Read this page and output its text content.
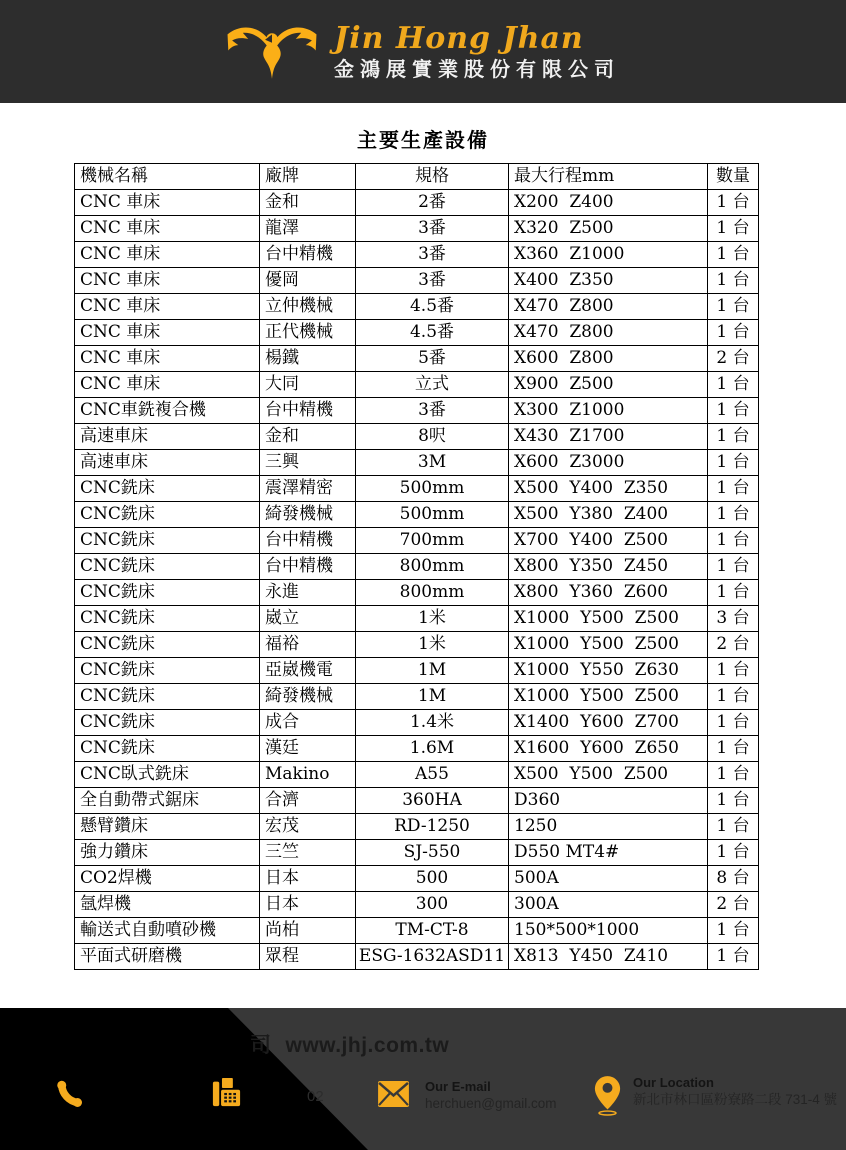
Jin Hong Jhan
金鴻展實業股份有限公司
主要生產設備
機械名稱	廠牌	規格	最大行程mm	數量
CNC 車床	金和	2番	X200  Z400	1 台
CNC 車床	龍澤	3番	X320  Z500	1 台
CNC 車床	台中精機	3番	X360  Z1000	1 台
CNC 車床	優岡	3番	X400  Z350	1 台
CNC 車床	立仲機械	4.5番	X470  Z800	1 台
CNC 車床	正代機械	4.5番	X470  Z800	1 台
CNC 車床	楊鐵	5番	X600  Z800	2 台
CNC 車床	大同	立式	X900  Z500	1 台
CNC車銑複合機	台中精機	3番	X300  Z1000	1 台
高速車床	金和	8呎	X430  Z1700	1 台
高速車床	三興	3M	X600  Z3000	1 台
CNC銑床	震澤精密	500mm	X500  Y400  Z350	1 台
CNC銑床	綺發機械	500mm	X500  Y380  Z400	1 台
CNC銑床	台中精機	700mm	X700  Y400  Z500	1 台
CNC銑床	台中精機	800mm	X800  Y350  Z450	1 台
CNC銑床	永進	800mm	X800  Y360  Z600	1 台
CNC銑床	崴立	1米	X1000  Y500  Z500	3 台
CNC銑床	福裕	1米	X1000  Y500  Z500	2 台
CNC銑床	亞崴機電	1M	X1000  Y550  Z630	1 台
CNC銑床	綺發機械	1M	X1000  Y500  Z500	1 台
CNC銑床	成合	1.4米	X1400  Y600  Z700	1 台
CNC銑床	漢廷	1.6M	X1600  Y600  Z650	1 台
CNC臥式銑床	Makino	A55	X500  Y500  Z500	1 台
全自動帶式鋸床	合濟	360HA	D360	1 台
懸臂鑽床	宏茂	RD-1250	1250	1 台
強力鑽床	三竺	SJ-550	D550 MT4#	1 台
CO2焊機	日本	500	500A	8 台
氬焊機	日本	300	300A	2 台
輸送式自動噴砂機	尚柏	TM-CT-8	150*500*1000	1 台
平面式研磨機	眾程	ESG-1632ASD11	X813  Y450  Z410	1 台
司 www.jhj.com.tw
02
Our E-mail
herchuen@gmail.com
Our Location
新北市林口區粉寮路二段 731-4 號
